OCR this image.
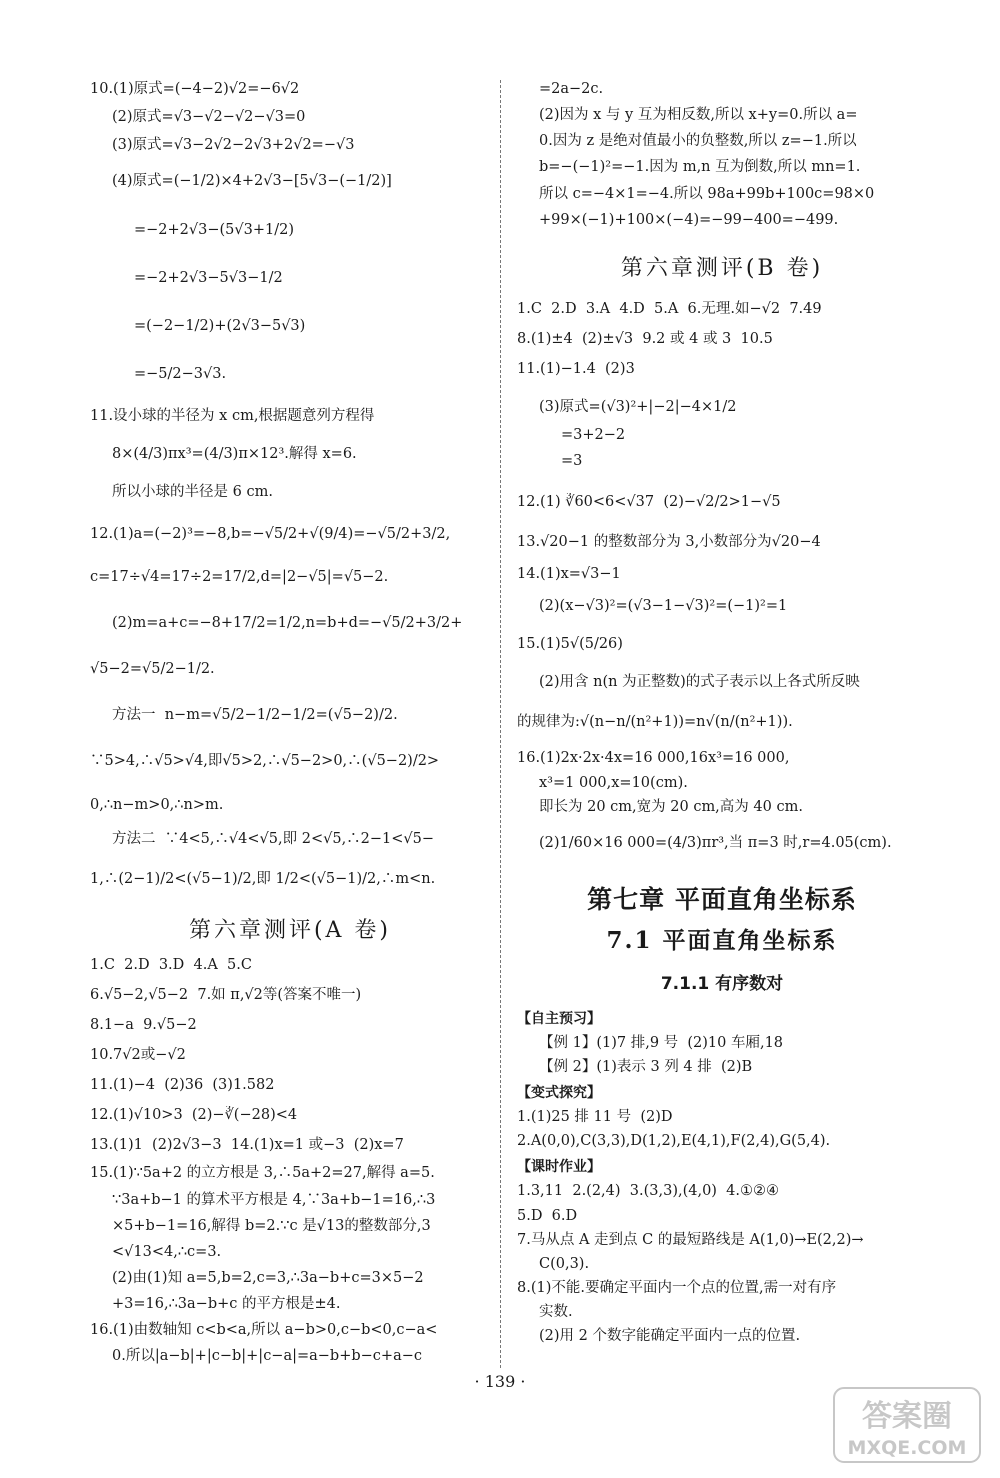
10.(1)原式=(−4−2)√2=−6√2

(2)原式=√3−√2−√2−√3=0

(3)原式=√3−2√2−2√3+2√2=−√3

(4)原式=(−1/2)×4+2√3−[5√3−(−1/2)]

=−2+2√3−(5√3+1/2)

=−2+2√3−5√3−1/2

=(−2−1/2)+(2√3−5√3)

=−5/2−3√3.

11.设小球的半径为 x cm,根据题意列方程得

8×(4/3)πx³=(4/3)π×12³.解得 x=6.

所以小球的半径是 6 cm.

12.(1)a=(−2)³=−8,b=−√5/2+√(9/4)=−√5/2+3/2,

c=17÷√4=17÷2=17/2,d=|2−√5|=√5−2.

(2)m=a+c=−8+17/2=1/2,n=b+d=−√5/2+3/2+

√5−2=√5/2−1/2.

方法一  n−m=√5/2−1/2−1/2=(√5−2)/2.

∵5>4,∴√5>√4,即√5>2,∴√5−2>0,∴(√5−2)/2>

0,∴n−m>0,∴n>m.

方法二  ∵4<5,∴√4<√5,即 2<√5,∴2−1<√5−

1,∴(2−1)/2<(√5−1)/2,即 1/2<(√5−1)/2,∴m<n.

第六章测评(A 卷)

1.C  2.D  3.D  4.A  5.C

6.√5−2,√5−2  7.如 π,√2等(答案不唯一)

8.1−a  9.√5−2

10.7√2或−√2

11.(1)−4  (2)36  (3)1.582

12.(1)√10>3  (2)−∛(−28)<4

13.(1)1  (2)2√3−3  14.(1)x=1 或−3  (2)x=7

15.(1)∵5a+2 的立方根是 3,∴5a+2=27,解得 a=5.

∵3a+b−1 的算术平方根是 4,∵3a+b−1=16,∴3

×5+b−1=16,解得 b=2.∵c 是√13的整数部分,3

<√13<4,∴c=3.

(2)由(1)知 a=5,b=2,c=3,∴3a−b+c=3×5−2

+3=16,∴3a−b+c 的平方根是±4.

16.(1)由数轴知 c<b<a,所以 a−b>0,c−b<0,c−a<

0.所以|a−b|+|c−b|+|c−a|=a−b+b−c+a−c

=2a−2c.

(2)因为 x 与 y 互为相反数,所以 x+y=0.所以 a=

0.因为 z 是绝对值最小的负整数,所以 z=−1.所以

b=−(−1)²=−1.因为 m,n 互为倒数,所以 mn=1.

所以 c=−4×1=−4.所以 98a+99b+100c=98×0

+99×(−1)+100×(−4)=−99−400=−499.

第六章测评(B 卷)

1.C  2.D  3.A  4.D  5.A  6.无理.如−√2  7.49

8.(1)±4  (2)±√3  9.2 或 4 或 3  10.5

11.(1)−1.4  (2)3

(3)原式=(√3)²+|−2|−4×1/2

=3+2−2

=3

12.(1) ∛60<6<√37  (2)−√2/2>1−√5

13.√20−1 的整数部分为 3,小数部分为√20−4

14.(1)x=√3−1

(2)(x−√3)²=(√3−1−√3)²=(−1)²=1

15.(1)5√(5/26)

(2)用含 n(n 为正整数)的式子表示以上各式所反映

的规律为:√(n−n/(n²+1))=n√(n/(n²+1)).

16.(1)2x·2x·4x=16 000,16x³=16 000,

x³=1 000,x=10(cm).

即长为 20 cm,宽为 20 cm,高为 40 cm.

(2)1/60×16 000=(4/3)πr³,当 π=3 时,r=4.05(cm).

第七章 平面直角坐标系
7.1 平面直角坐标系
7.1.1 有序数对

【自主预习】

【例 1】(1)7 排,9 号  (2)10 车厢,18

【例 2】(1)表示 3 列 4 排  (2)B

【变式探究】

1.(1)25 排 11 号  (2)D

2.A(0,0),C(3,3),D(1,2),E(4,1),F(2,4),G(5,4).

【课时作业】

1.3,11  2.(2,4)  3.(3,3),(4,0)  4.①②④

5.D  6.D

7.马从点 A 走到点 C 的最短路线是 A(1,0)→E(2,2)→

C(0,3).

8.(1)不能.要确定平面内一个点的位置,需一对有序

实数.

(2)用 2 个数字能确定平面内一点的位置.

· 139 ·
答案圈
MXQE.COM
